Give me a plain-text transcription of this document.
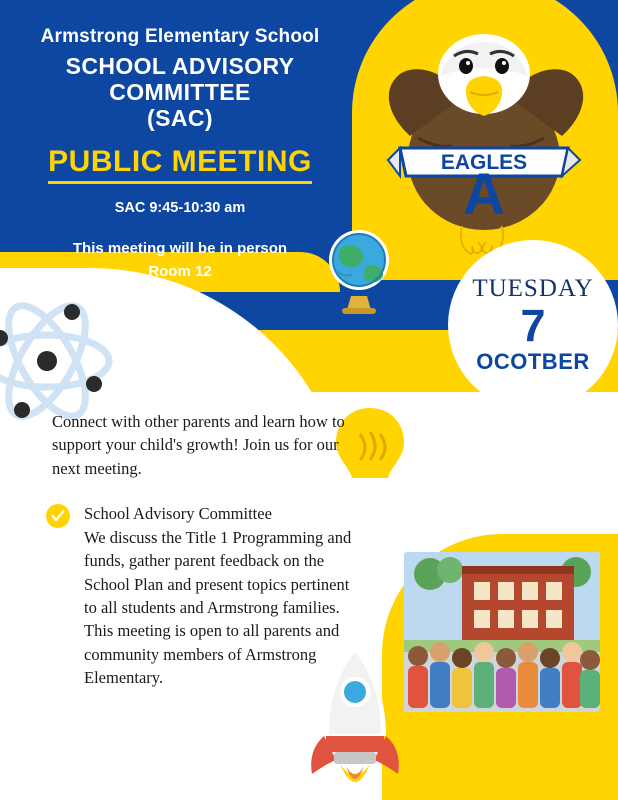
Armstrong Elementary School
SCHOOL ADVISORY COMMITTEE
(SAC)
PUBLIC MEETING
SAC 9:45-10:30 am
This meeting will be in person
Room 12
EAGLES
A
TUESDAY
7
OCOTBER
Connect with other parents and learn how to support your child's growth! Join us for our next meeting.
School Advisory Committee
We discuss the Title 1 Programming and funds, gather parent feedback on the School Plan and present topics pertinent to all students and Armstrong families. This meeting is open to all parents and community members of Armstrong Elementary.
